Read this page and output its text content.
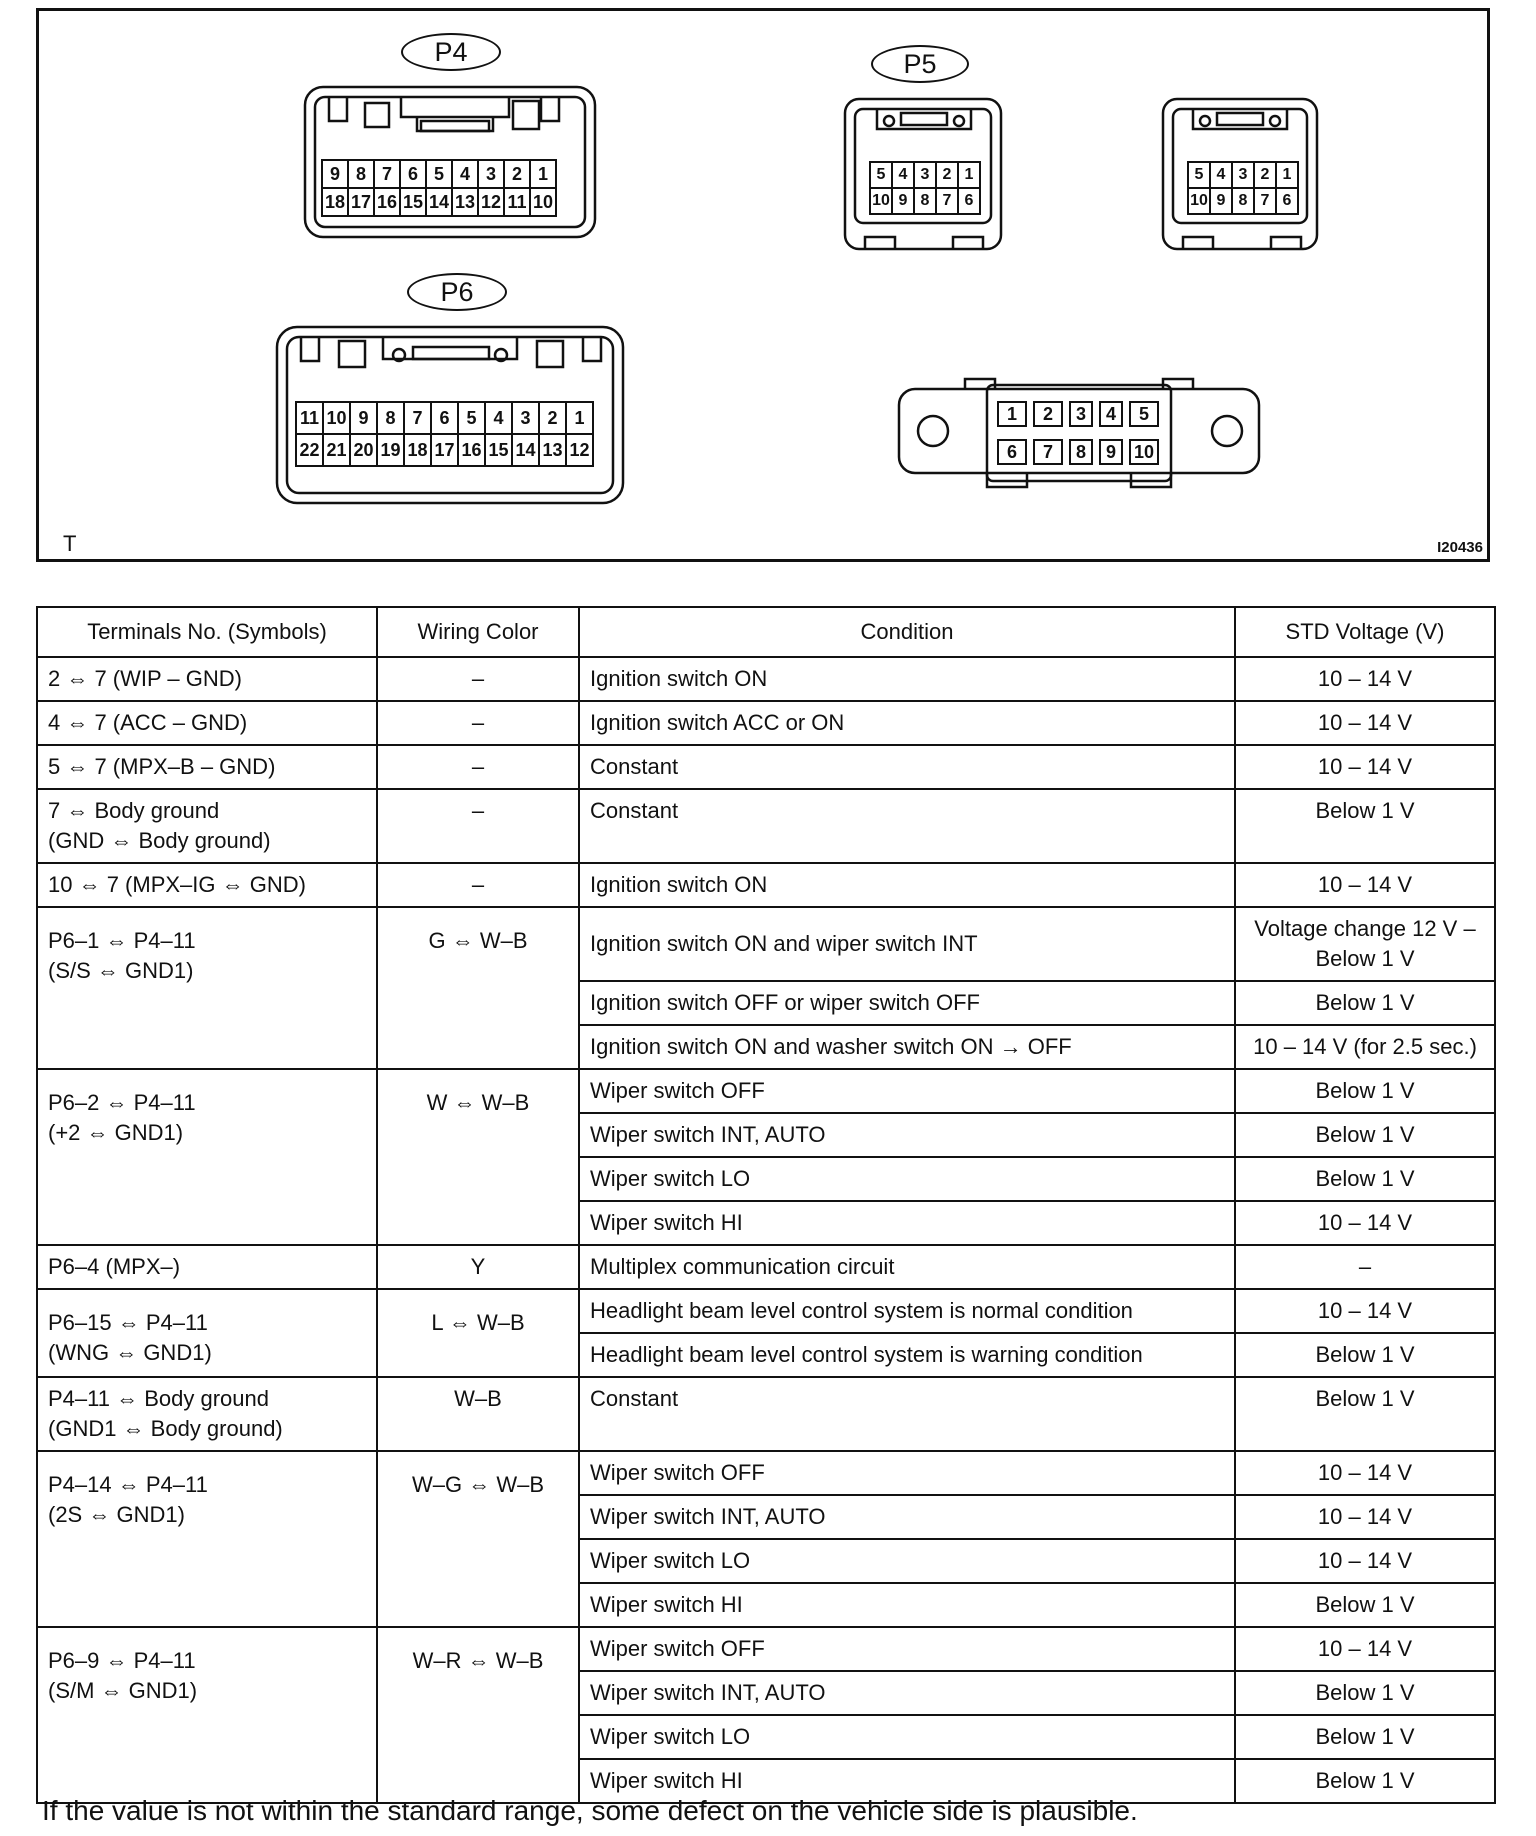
P4	P5
P6
9 8 7 6 5 4 3 2 1
18 17 16 15 14 13 12 11 10
5 4 3 2 1
10 9 8 7 6
5 4 3 2 1
10 9 8 7 6
11 10 9 8 7 6 5 4 3 2 1
22 21 20 19 18 17 16 15 14 13 12
1	2	3	4	5
6	7	8	9 10
T	I20436
Terminals No. (Symbols)	Wiring Color	Condition	STD Voltage (V)
2 ⇔ 7 (WIP – GND)	–	Ignition switch ON	10 – 14 V
4 ⇔ 7 (ACC – GND)	–	Ignition switch ACC or ON	10 – 14 V
5 ⇔ 7 (MPX–B – GND)	–	Constant	10 – 14 V
7 ⇔ Body ground
(GND ⇔ Body ground)	–	Constant	Below 1 V
10 ⇔ 7 (MPX–IG ⇔ GND)	–	Ignition switch ON	10 – 14 V
P6–1 ⇔ P4–11
(S/S ⇔ GND1)	G ⇔ W–B	Ignition switch ON and wiper switch INT	Voltage change 12 V –
Below 1 V
		Ignition switch OFF or wiper switch OFF	Below 1 V
		Ignition switch ON and washer switch ON → OFF	10 – 14 V (for 2.5 sec.)
P6–2 ⇔ P4–11
(+2 ⇔ GND1)	W ⇔ W–B	Wiper switch OFF	Below 1 V
		Wiper switch INT, AUTO	Below 1 V
		Wiper switch LO	Below 1 V
		Wiper switch HI	10 – 14 V
P6–4 (MPX–)	Y	Multiplex communication circuit	–
P6–15 ⇔ P4–11
(WNG ⇔ GND1)	L ⇔ W–B	Headlight beam level control system is normal condition	10 – 14 V
		Headlight beam level control system is warning condition	Below 1 V
P4–11 ⇔ Body ground
(GND1 ⇔ Body ground)	W–B	Constant	Below 1 V
P4–14 ⇔ P4–11
(2S ⇔ GND1)	W–G ⇔ W–B	Wiper switch OFF	10 – 14 V
		Wiper switch INT, AUTO	10 – 14 V
		Wiper switch LO	10 – 14 V
		Wiper switch HI	Below 1 V
P6–9 ⇔ P4–11
(S/M ⇔ GND1)	W–R ⇔ W–B	Wiper switch OFF	10 – 14 V
		Wiper switch INT, AUTO	Below 1 V
		Wiper switch LO	Below 1 V
		Wiper switch HI	Below 1 V
If the value is not within the standard range, some defect on the vehicle side is plausible.
